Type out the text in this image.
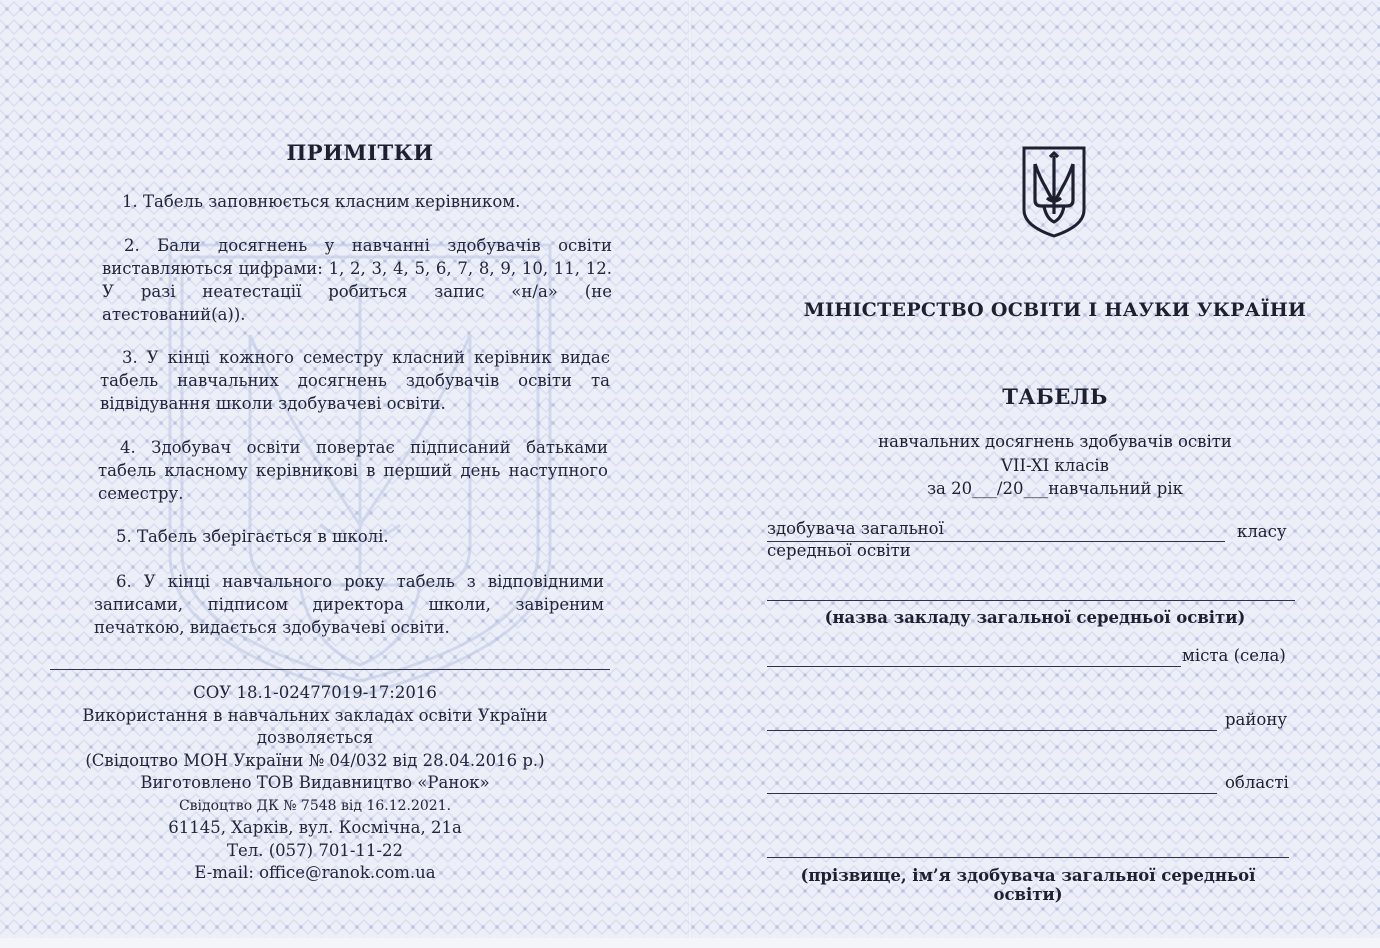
ПРИМІТКИ

1. Табель заповнюється класним керівником.

2. Бали досягнень у навчанні здобувачів освіти виставляються цифрами: 1, 2, 3, 4, 5, 6, 7, 8, 9, 10, 11, 12. У разі неатестації робиться запис «н/а» (не атестований(а)).

3. У кінці кожного семестру класний керівник видає табель навчальних досягнень здобувачів освіти та відвідування школи здобувачеві освіти.

4. Здобувач освіти повертає підписаний батьками табель класному керівникові в перший день наступного семестру.

5. Табель зберігається в школі.

6. У кінці навчального року табель з відповідними записами, підписом директора школи, завіреним печаткою, видається здобувачеві освіти.

СОУ 18.1-02477019-17:2016
Використання в навчальних закладах освіти України
дозволяється
(Свідоцтво МОН України № 04/032 від 28.04.2016 р.)
Виготовлено ТОВ Видавництво «Ранок»
Свідоцтво ДК № 7548 від 16.12.2021.
61145, Харків, вул. Космічна, 21а
Тел. (057) 701-11-22
E-mail: office@ranok.com.ua
МІНІСТЕРСТВО ОСВІТИ І НАУКИ УКРАЇНИ
ТАБЕЛЬ
навчальних досягнень здобувачів освіти
VII-XI класів
за 20___/20___навчальний рік
здобувача загальної
середньої освіти
класу
(назва закладу загальної середньої освіти)
міста (села)
району
області
(прізвище, ім’я здобувача загальної середньої освіти)
